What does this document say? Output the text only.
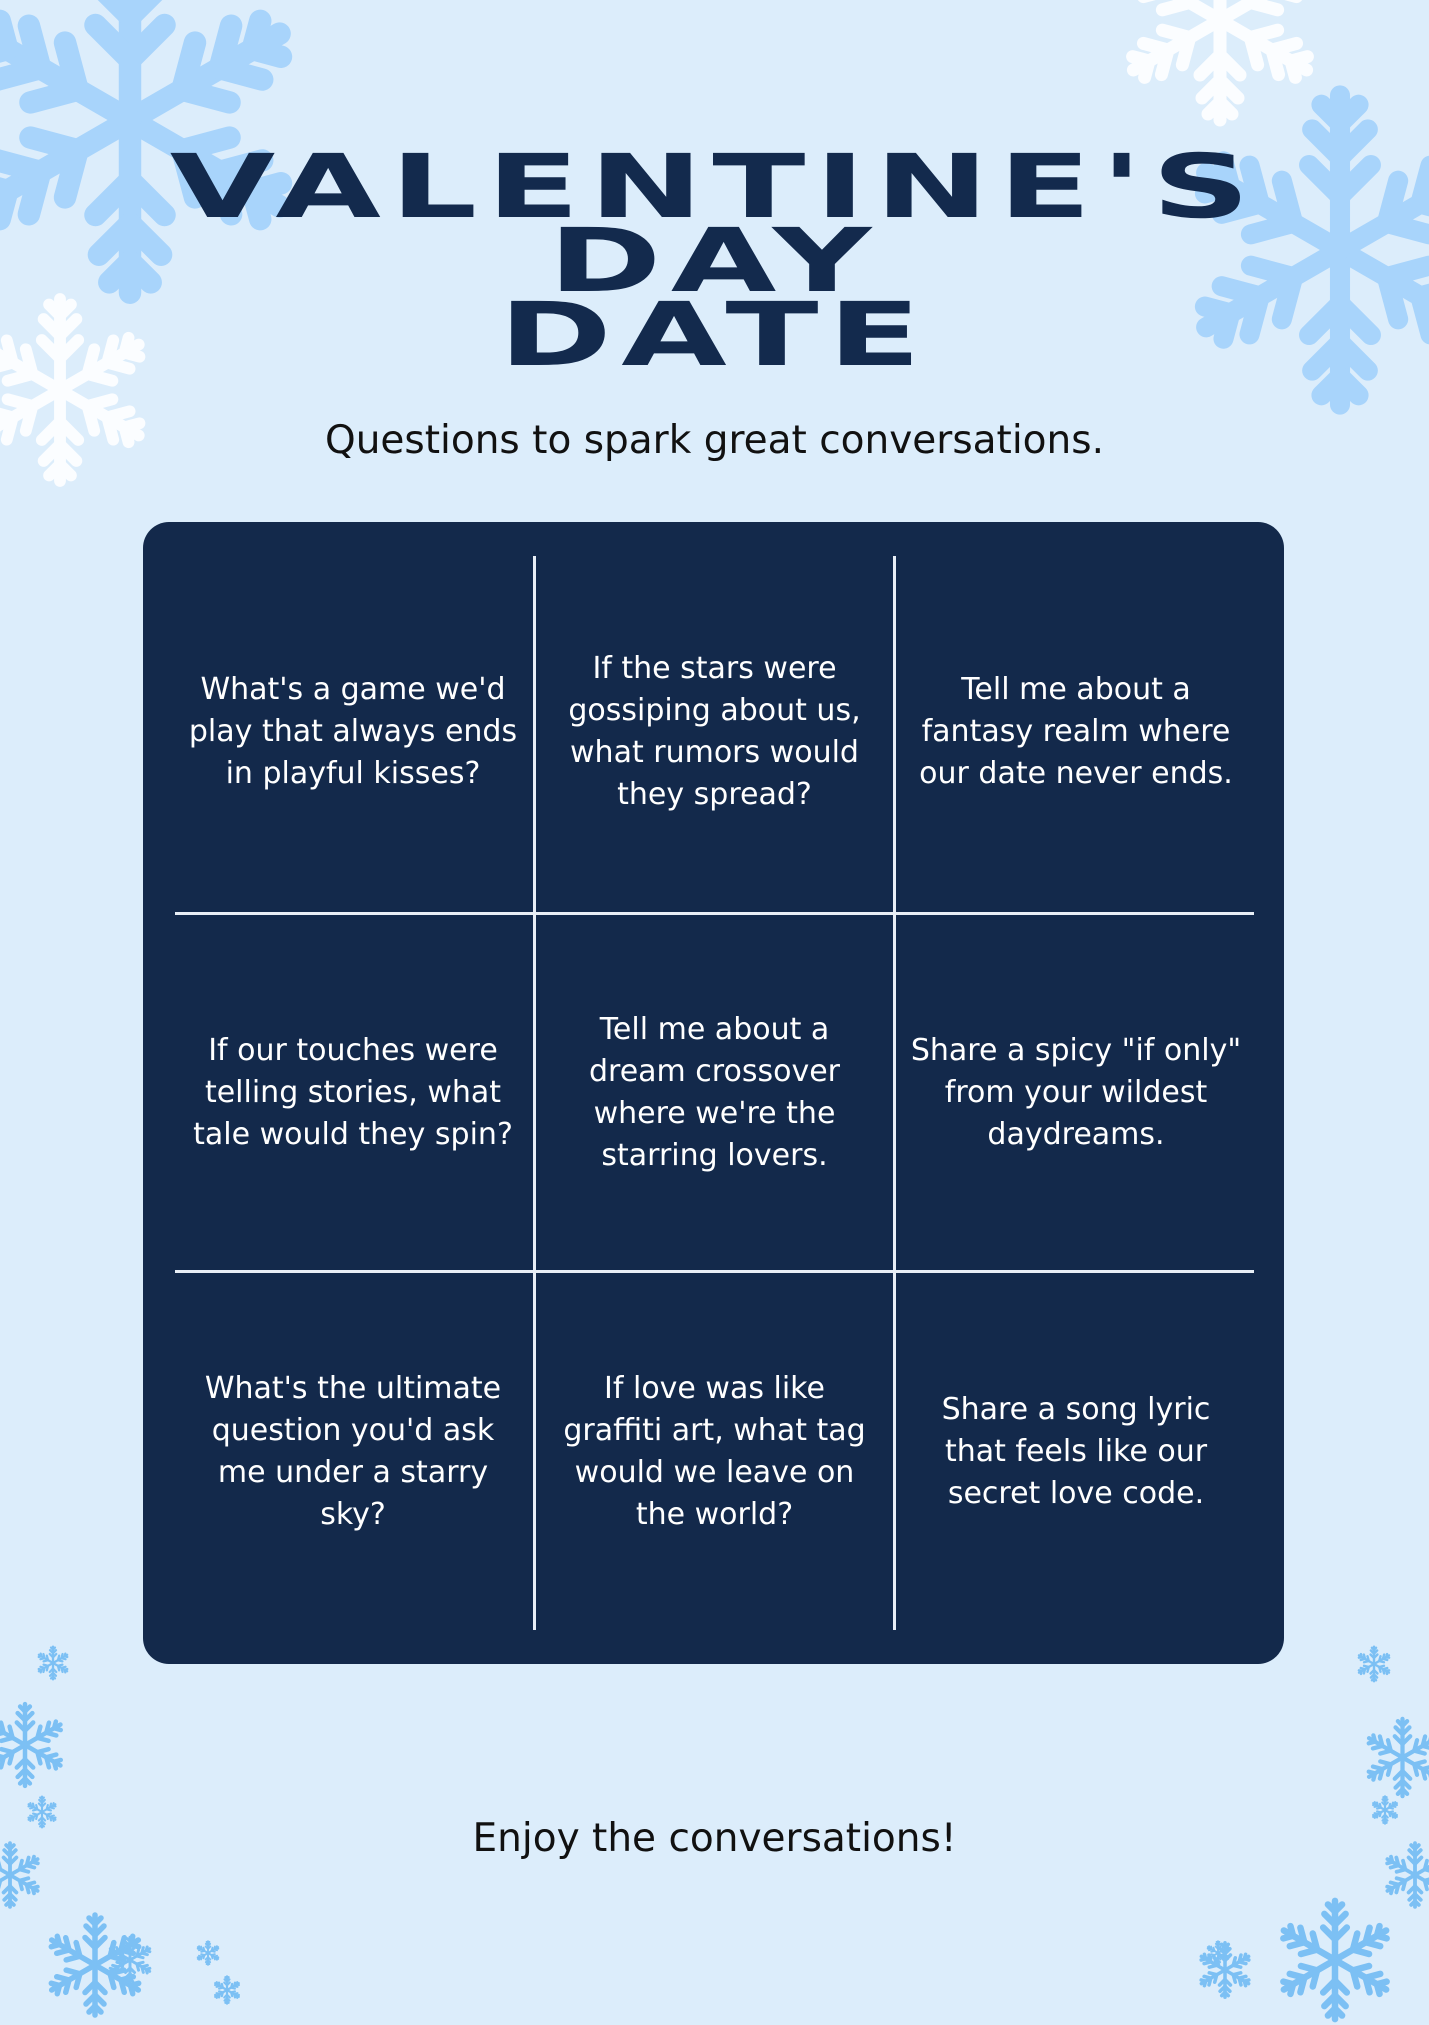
VALENTINE'S
DAY
DATE
Questions to spark great conversations.
What's a game we'd play that always ends in playful kisses?
If the stars were gossiping about us, what rumors would they spread?
Tell me about a fantasy realm where our date never ends.
If our touches were telling stories, what tale would they spin?
Tell me about a dream crossover where we're the starring lovers.
Share a spicy "if only" from your wildest daydreams.
What's the ultimate question you'd ask me under a starry sky?
If love was like graffiti art, what tag would we leave on the world?
Share a song lyric that feels like our secret love code.
Enjoy the conversations!
